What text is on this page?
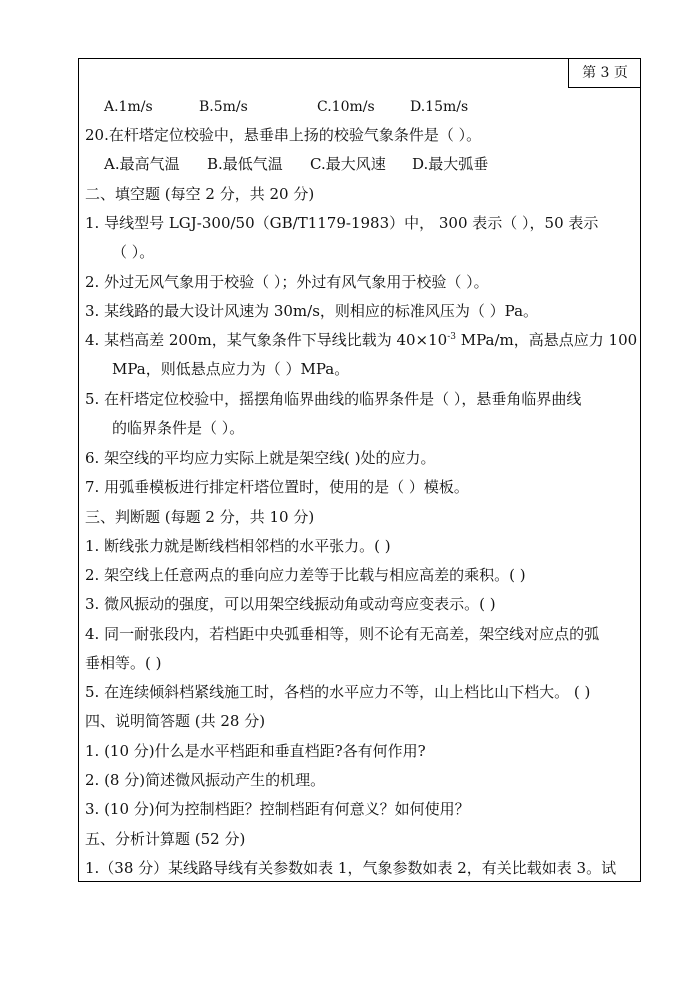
第 3 页
A.1m/s	B.5m/s	C.10m/s	D.15m/s
20.在杆塔定位校验中，悬垂串上扬的校验气象条件是（ ）。
A.最高气温 B.最低气温 C.最大风速 D.最大弧垂
二、填空题 (每空 2 分，共 20 分)
1. 导线型号 LGJ-300/50（GB/T1179-1983）中， 300 表示（ ），50 表示
（ ）。
2. 外过无风气象用于校验（ ）；外过有风气象用于校验（ ）。
3. 某线路的最大设计风速为 30m/s，则相应的标准风压为（ ）Pa。
4. 某档高差 200m，某气象条件下导线比载为 $40\times 10^{-3}$ MPa/m，高悬点应力 100
MPa，则低悬点应力为（ ）MPa。
5. 在杆塔定位校验中，摇摆角临界曲线的临界条件是（ ），悬垂角临界曲线
的临界条件是（ ）。
6. 架空线的平均应力实际上就是架空线( )处的应力。
7. 用弧垂模板进行排定杆塔位置时，使用的是（ ）模板。
三、判断题 (每题 2 分，共 10 分)
1. 断线张力就是断线档相邻档的水平张力。( )
2. 架空线上任意两点的垂向应力差等于比载与相应高差的乘积。( )
3. 微风振动的强度，可以用架空线振动角或动弯应变表示。( )
4. 同一耐张段内，若档距中央弧垂相等，则不论有无高差，架空线对应点的弧
垂相等。( )
5. 在连续倾斜档紧线施工时，各档的水平应力不等，山上档比山下档大。 ( )
四、说明简答题 (共 28 分)
1. (10 分)什么是水平档距和垂直档距?各有何作用?
2. (8 分)简述微风振动产生的机理。
3. (10 分)何为控制档距？控制档距有何意义？如何使用？
五、分析计算题 (52 分)
1.（38 分）某线路导线有关参数如表 1，气象参数如表 2，有关比载如表 3。试
